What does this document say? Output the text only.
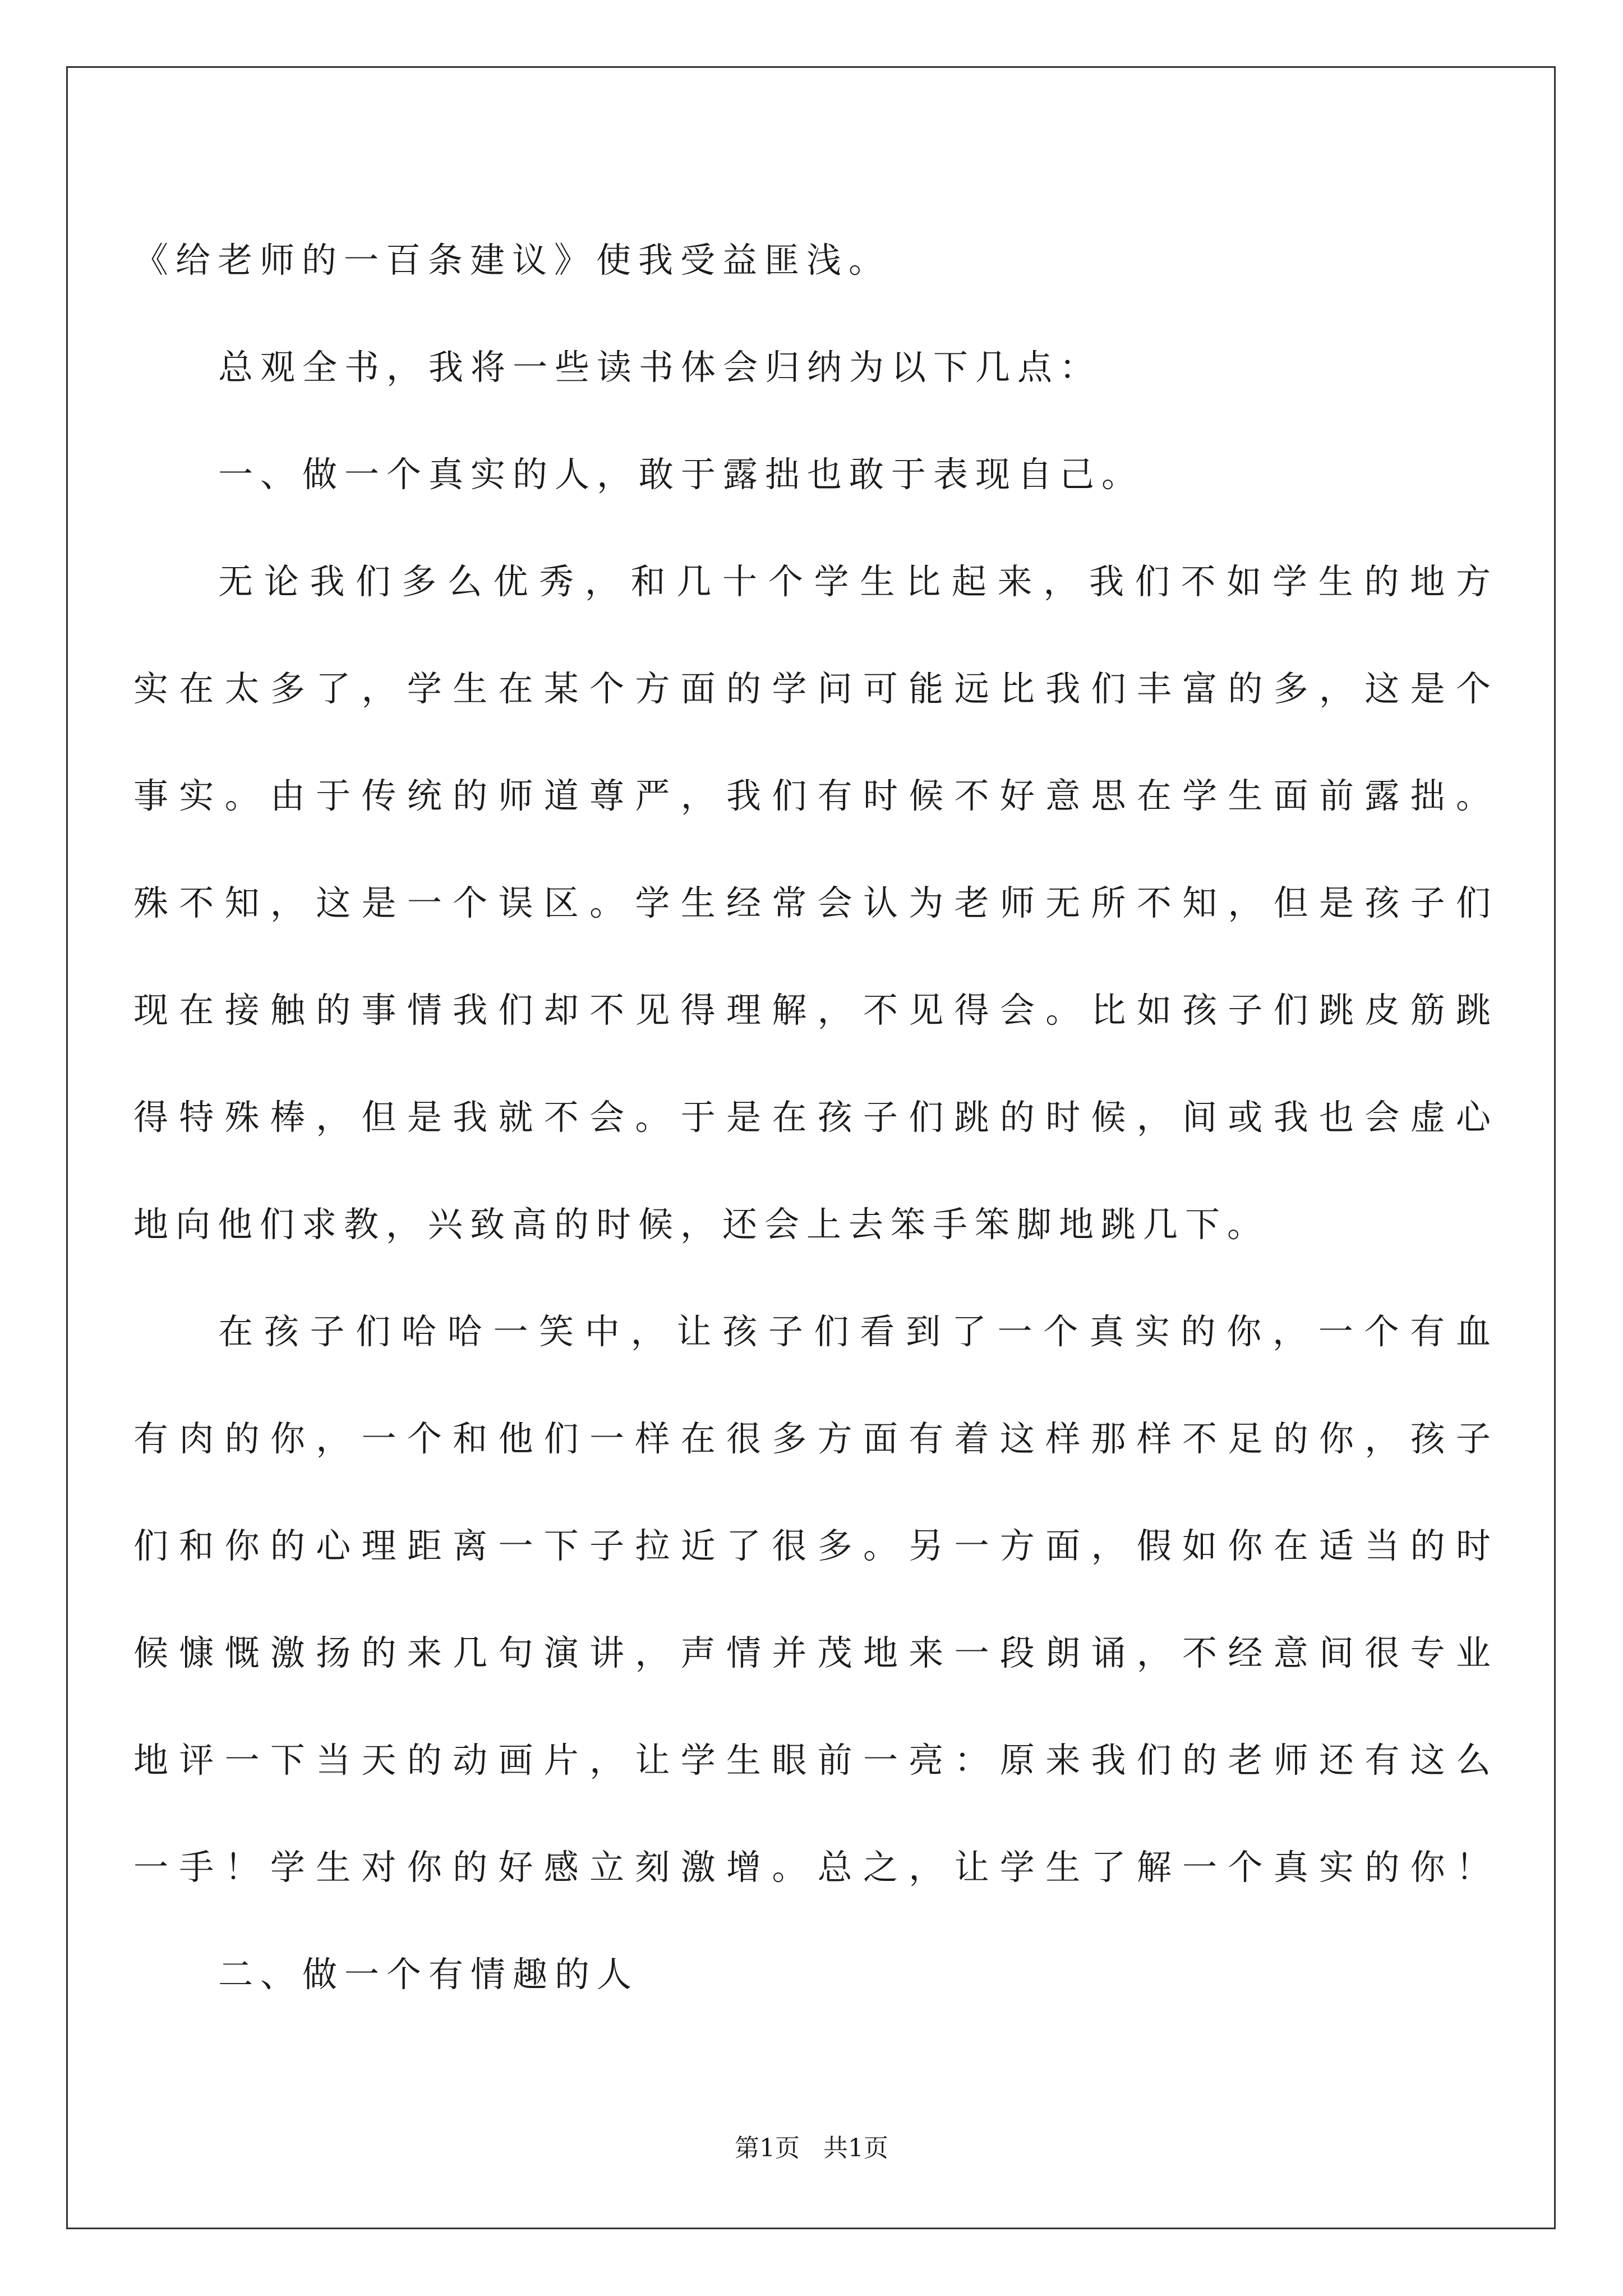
《给老师的一百条建议》使我受益匪浅。
总观全书，我将一些读书体会归纳为以下几点：
一、做一个真实的人，敢于露拙也敢于表现自己。
无论我们多么优秀，和几十个学生比起来，我们不如学生的地方
实在太多了，学生在某个方面的学问可能远比我们丰富的多，这是个
事实。由于传统的师道尊严，我们有时候不好意思在学生面前露拙。
殊不知，这是一个误区。学生经常会认为老师无所不知，但是孩子们
现在接触的事情我们却不见得理解，不见得会。比如孩子们跳皮筋跳
得特殊棒，但是我就不会。于是在孩子们跳的时候，间或我也会虚心
地向他们求教，兴致高的时候，还会上去笨手笨脚地跳几下。
在孩子们哈哈一笑中，让孩子们看到了一个真实的你，一个有血
有肉的你，一个和他们一样在很多方面有着这样那样不足的你，孩子
们和你的心理距离一下子拉近了很多。另一方面，假如你在适当的时
候慷慨激扬的来几句演讲，声情并茂地来一段朗诵，不经意间很专业
地评一下当天的动画片，让学生眼前一亮：原来我们的老师还有这么
一手！学生对你的好感立刻激增。总之，让学生了解一个真实的你！
二、做一个有情趣的人
第1页 共1页
